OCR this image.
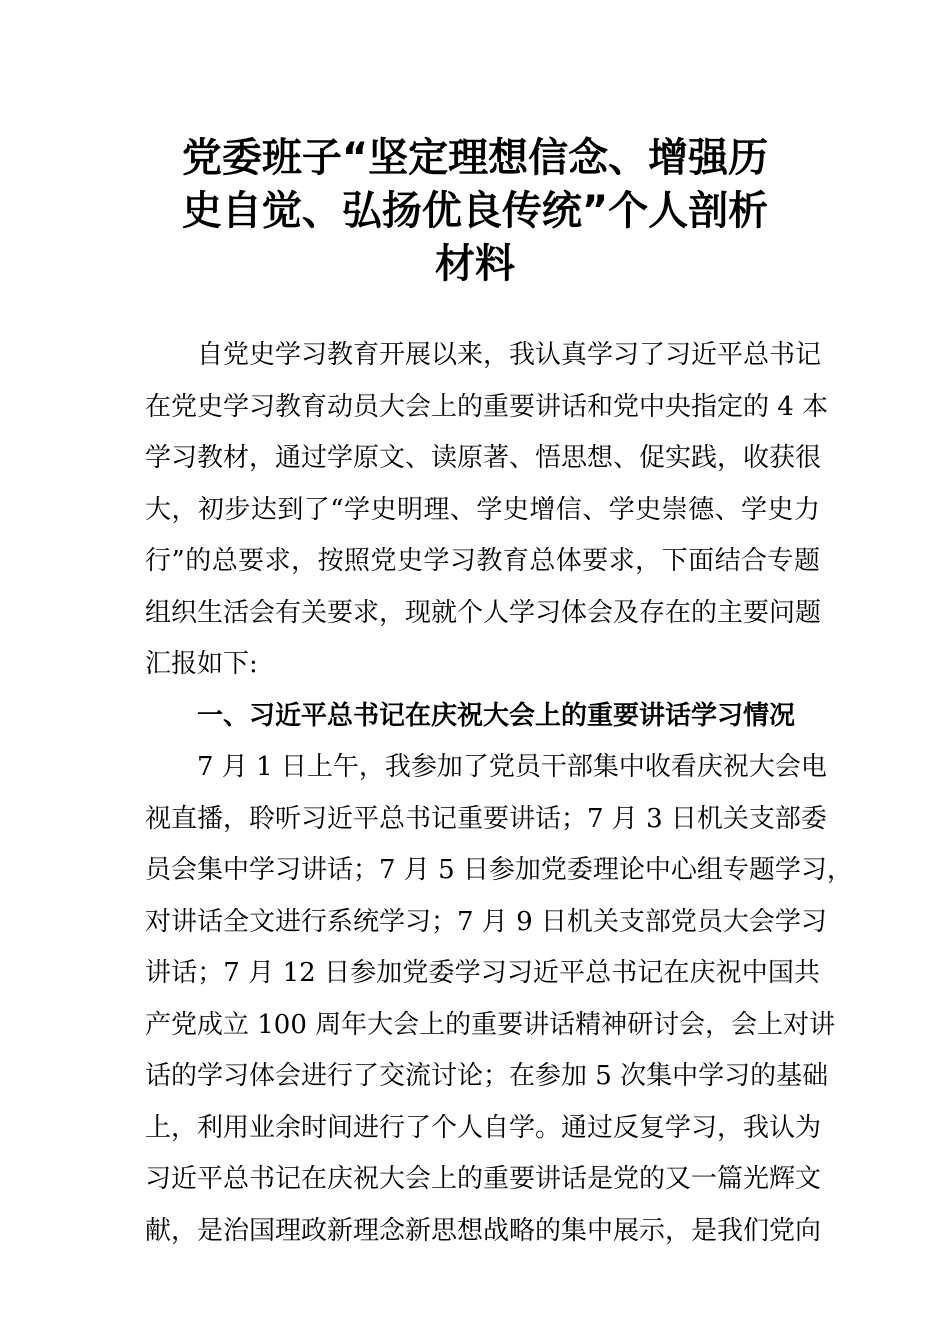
党委班子“坚定理想信念、增强历
史自觉、弘扬优良传统”个人剖析
材料
自党史学习教育开展以来，我认真学习了习近平总书记
在党史学习教育动员大会上的重要讲话和党中央指定的 4 本
学习教材，通过学原文、读原著、悟思想、促实践，收获很
大，初步达到了“学史明理、学史增信、学史崇德、学史力
行”的总要求，按照党史学习教育总体要求，下面结合专题
组织生活会有关要求，现就个人学习体会及存在的主要问题
汇报如下:
一、习近平总书记在庆祝大会上的重要讲话学习情况
7 月 1 日上午，我参加了党员干部集中收看庆祝大会电
视直播，聆听习近平总书记重要讲话；7 月 3 日机关支部委
员会集中学习讲话；7 月 5 日参加党委理论中心组专题学习，
对讲话全文进行系统学习；7 月 9 日机关支部党员大会学习
讲话；7 月 12 日参加党委学习习近平总书记在庆祝中国共
产党成立 100 周年大会上的重要讲话精神研讨会，会上对讲
话的学习体会进行了交流讨论；在参加 5 次集中学习的基础
上，利用业余时间进行了个人自学。通过反复学习，我认为
习近平总书记在庆祝大会上的重要讲话是党的又一篇光辉文
献，是治国理政新理念新思想战略的集中展示，是我们党向
